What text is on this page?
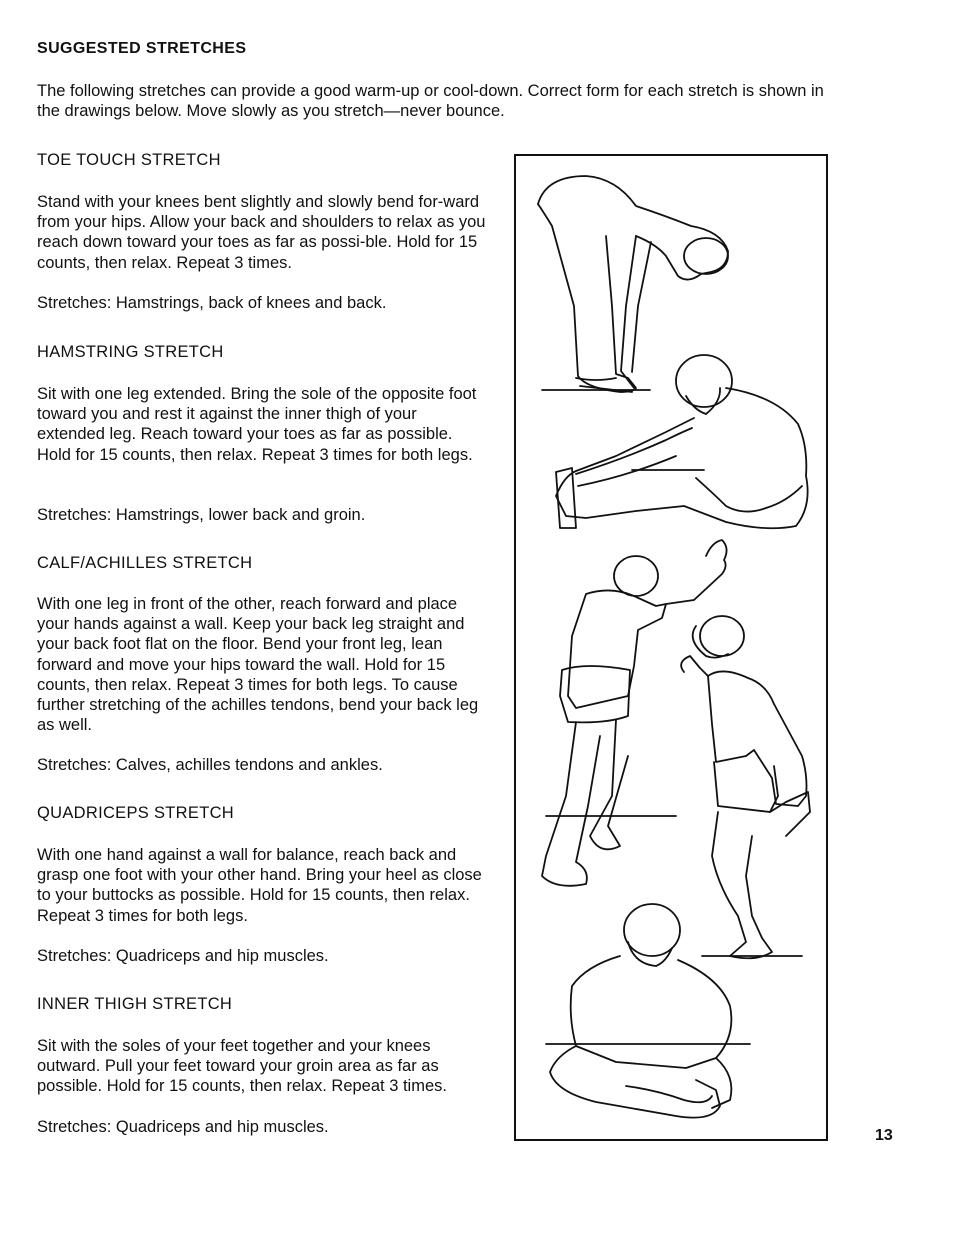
SUGGESTED STRETCHES
The following stretches can provide a good warm-up or cool-down. Correct form for each stretch is shown in the drawings below. Move slowly as you stretch—never bounce.
TOE TOUCH STRETCH
Stand with your knees bent slightly and slowly bend for-ward from your hips. Allow your back and shoulders to relax as you reach down toward your toes as far as possi-ble. Hold for 15 counts, then relax. Repeat 3 times.
Stretches: Hamstrings, back of knees and back.
HAMSTRING STRETCH
Sit with one leg extended. Bring the sole of the opposite foot toward you and rest it against the inner thigh of your extended leg. Reach toward your toes as far as possible. Hold for 15 counts, then relax. Repeat 3 times for both legs.
Stretches: Hamstrings, lower back and groin.
CALF/ACHILLES STRETCH
With one leg in front of the other, reach forward and place your hands against a wall. Keep your back leg straight and your back foot flat on the floor. Bend your front leg, lean forward and move your hips toward the wall. Hold for 15 counts, then relax. Repeat 3 times for both legs. To cause further stretching of the achilles tendons, bend your back leg as well.
Stretches: Calves, achilles tendons and ankles.
QUADRICEPS STRETCH
With one hand against a wall for balance, reach back and grasp one foot with your other hand. Bring your heel as close to your buttocks as possible. Hold for 15 counts, then relax. Repeat 3 times for both legs.
Stretches: Quadriceps and hip muscles.
INNER THIGH STRETCH
Sit with the soles of your feet together and your knees outward. Pull your feet toward your groin area as far as possible. Hold for 15 counts, then relax. Repeat 3 times.
Stretches: Quadriceps and hip muscles.	13
